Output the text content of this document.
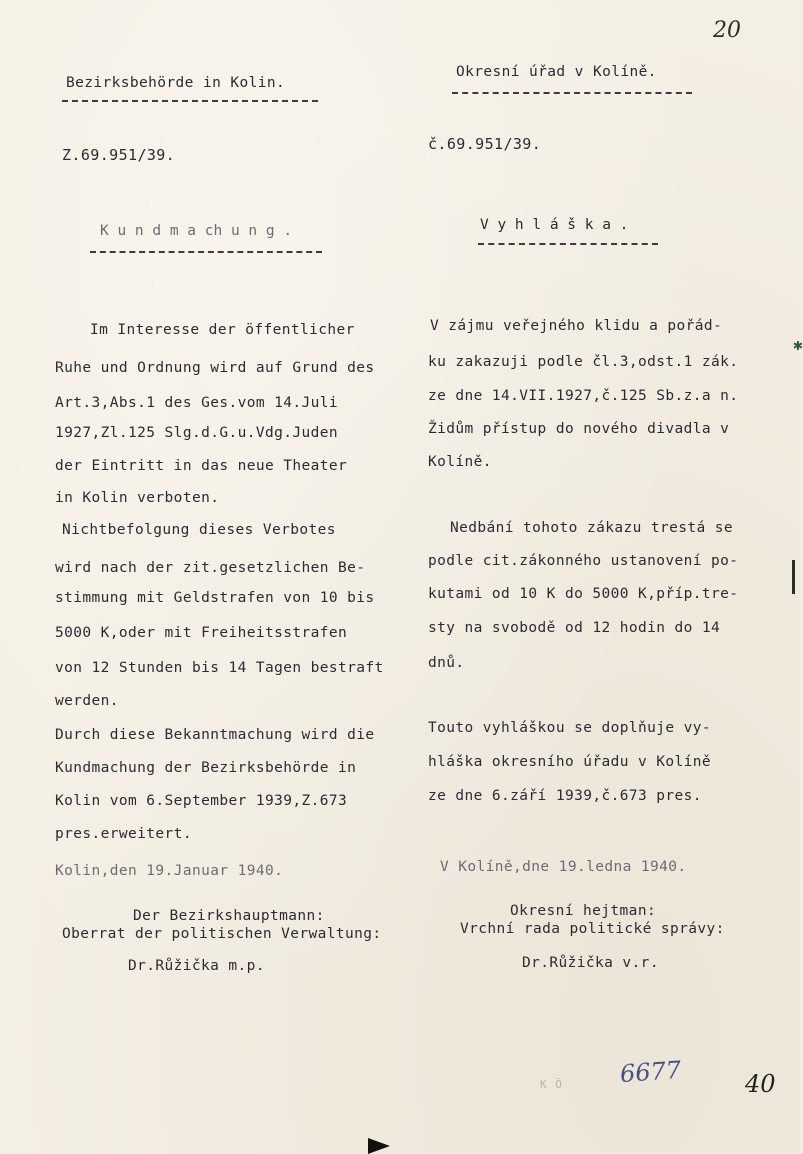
20
Bezirksbehörde in Kolin.
Okresní úřad v Kolíně.
Z.69.951/39.
č.69.951/39.
K u n d m a ch u n g .	V y h l á š k a .
Im Interesse der öffentlicher
Ruhe und Ordnung wird auf Grund des
Art.3,Abs.1 des Ges.vom 14.Juli
1927,Zl.125 Slg.d.G.u.Vdg.Juden
der Eintritt in das neue Theater
in Kolin verboten.
Nichtbefolgung dieses Verbotes
wird nach der zit.gesetzlichen Be-
stimmung mit Geldstrafen von 10 bis
5000 K,oder mit Freiheitsstrafen
von 12 Stunden bis 14 Tagen bestraft
werden.
Durch diese Bekanntmachung wird die
Kundmachung der Bezirksbehörde in
Kolin vom 6.September 1939,Z.673
pres.erweitert.
V zájmu veřejného klidu a pořád-
ku zakazuji podle čl.3,odst.1 zák.
ze dne 14.VII.1927,č.125 Sb.z.a n.
Židům přístup do nového divadla v
Kolíně.
Nedbání tohoto zákazu trestá se
podle cit.zákonného ustanovení po-
kutami od 10 K do 5000 K,příp.tre-
sty na svobodě od 12 hodin do 14
dnů.
Touto vyhláškou se doplňuje vy-
hláška okresního úřadu v Kolíně
ze dne 6.září 1939,č.673 pres.
Kolin,den 19.Januar 1940.	V Kolíně,dne 19.ledna 1940.
Der Bezirkshauptmann:
Oberrat der politischen Verwaltung:
Dr.Růžička m.p.
Okresní hejtman:
Vrchní rada politické správy:
Dr.Růžička v.r.
✱
K Ö 6677	40
